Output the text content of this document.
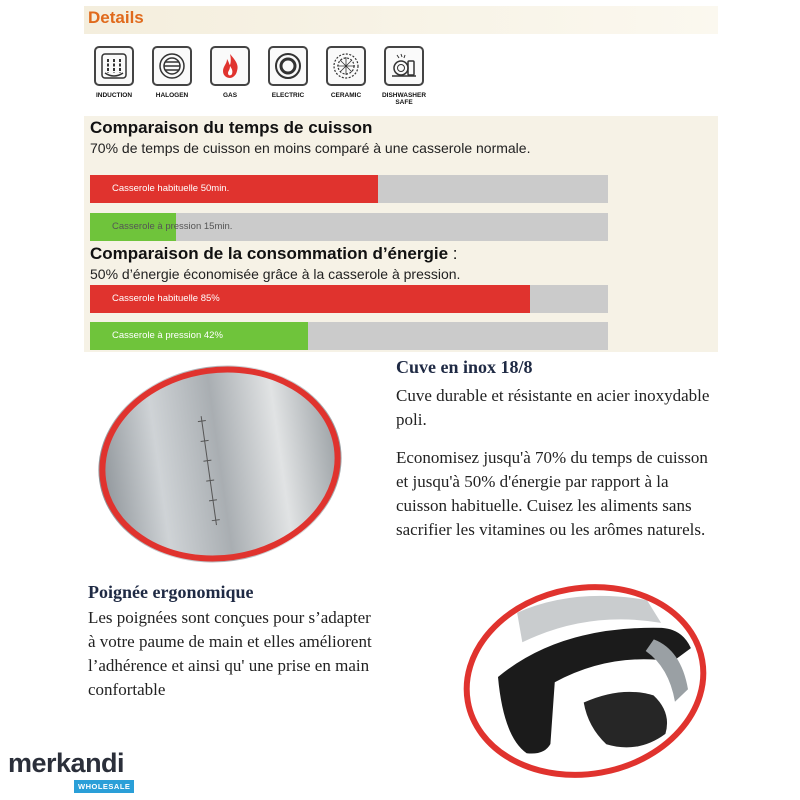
Details
INDUCTION	HALOGEN	GAS	ELECTRIC	CERAMIC	DISHWASHER
SAFE
Comparaison du temps de cuisson
70% de temps de cuisson en moins comparé à une casserole normale.
Casserole habituelle 50min.
Casserole à pression 15min.
Comparaison de la consommation d’énergie :
50% d’énergie économisée grâce à la casserole à pression.
Casserole habituelle 85%
Casserole à pression 42%
Cuve en inox 18/8
Cuve durable et résistante en acier inoxydable poli.
Economisez jusqu'à 70% du temps de cuisson et jusqu'à 50% d'énergie par rapport à la cuisson habituelle. Cuisez les aliments sans sacrifier les vitamines ou les arômes naturels.
Poignée ergonomique
Les poignées sont conçues pour s’adapter à votre paume de main et elles améliorent l’adhérence et ainsi qu' une prise en main confortable
merkandi
WHOLESALE
